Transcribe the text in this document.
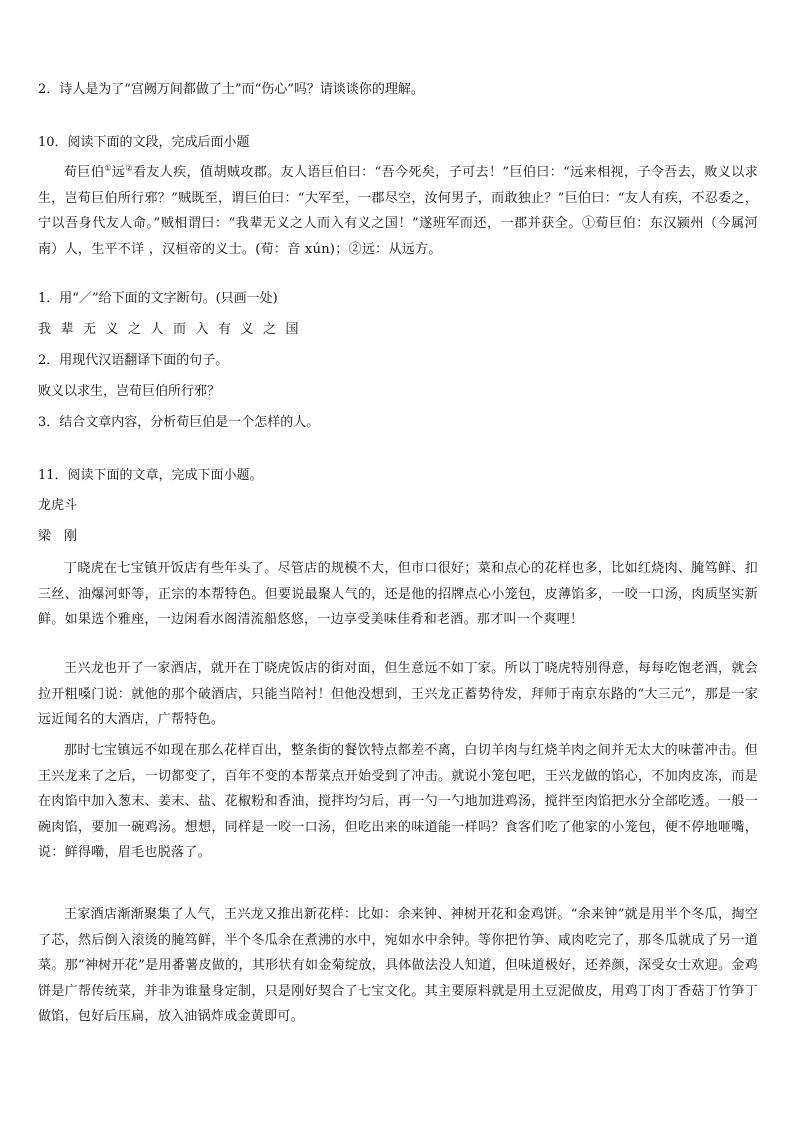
2．诗人是为了“宫阙万间都做了土”而“伤心”吗？请谈谈你的理解。
10．阅读下面的文段，完成后面小题
荀巨伯①远②看友人疾，值胡贼攻郡。友人语巨伯曰：“吾今死矣，子可去！”巨伯曰：“远来相视，子令吾去，败义以求生，岂荀巨伯所行邪？”贼既至，谓巨伯曰：“大军至，一郡尽空，汝何男子，而敢独止？”巨伯曰：“友人有疾，不忍委之，宁以吾身代友人命。”贼相谓曰：“我辈无义之人而入有义之国！”遂班军而还，一郡并获全。①荀巨伯：东汉颍州（今属河南）人，生平不详 ，汉桓帝的义士。(荀：音 xún)；②远：从远方。
1．用“／”给下面的文字断句。(只画一处)
我辈无义之人而入有义之国
2．用现代汉语翻译下面的句子。
败义以求生，岂荀巨伯所行邪？
3．结合文章内容，分析荀巨伯是一个怎样的人。
11．阅读下面的文章，完成下面小题。
龙虎斗
梁　刚
丁晓虎在七宝镇开饭店有些年头了。尽管店的规模不大，但市口很好；菜和点心的花样也多，比如红烧肉、腌笃鲜、扣三丝、油爆河虾等，正宗的本帮特色。但要说最聚人气的，还是他的招牌点心小笼包，皮薄馅多，一咬一口汤，肉质坚实新鲜。如果选个雅座，一边闲看水阁清流船悠悠，一边享受美味佳肴和老酒。那才叫一个爽哩！
王兴龙也开了一家酒店，就开在丁晓虎饭店的街对面，但生意远不如丁家。所以丁晓虎特别得意，每每吃饱老酒，就会拉开粗嗓门说：就他的那个破酒店，只能当陪衬！但他没想到，王兴龙正蓄势待发，拜师于南京东路的“大三元”，那是一家远近闻名的大酒店，广帮特色。
那时七宝镇远不如现在那么花样百出，整条街的餐饮特点都差不离，白切羊肉与红烧羊肉之间并无太大的味蕾冲击。但王兴龙来了之后，一切都变了，百年不变的本帮菜点开始受到了冲击。就说小笼包吧，王兴龙做的馅心，不加肉皮冻，而是在肉馅中加入葱末、姜末、盐、花椒粉和香油，搅拌均匀后，再一勺一勺地加进鸡汤，搅拌至肉馅把水分全部吃透。一般一碗肉馅，要加一碗鸡汤。想想，同样是一咬一口汤，但吃出来的味道能一样吗？食客们吃了他家的小笼包，便不停地咂嘴，说：鲜得嘞，眉毛也脱落了。
王家酒店渐渐聚集了人气，王兴龙又推出新花样：比如：余来钟、神树开花和金鸡饼。“余来钟”就是用半个冬瓜，掏空了芯，然后倒入滚烫的腌笃鲜，半个冬瓜余在煮沸的水中，宛如水中余钟。等你把竹笋、咸肉吃完了，那冬瓜就成了另一道菜。那“神树开花”是用番薯皮做的，其形状有如金菊绽放，具体做法没人知道，但味道极好，还养颜，深受女士欢迎。金鸡饼是广帮传统菜，并非为谁量身定制，只是刚好契合了七宝文化。其主要原料就是用土豆泥做皮，用鸡丁肉丁香菇丁竹笋丁做馅，包好后压扁，放入油锅炸成金黄即可。
